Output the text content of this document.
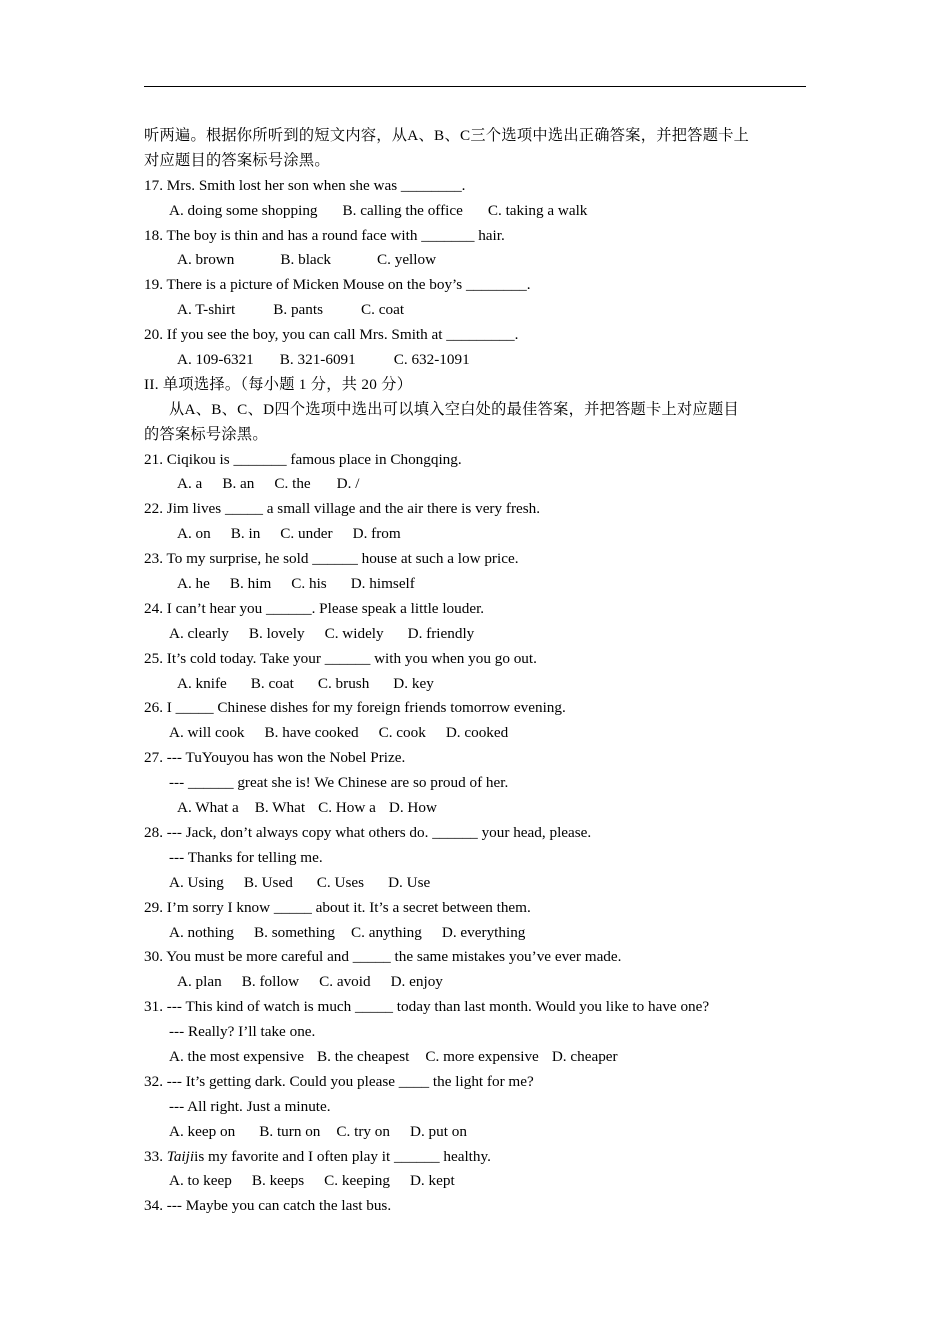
听两遍。根据你所听到的短文内容，从A、B、C三个选项中选出正确答案，并把答题卡上
对应题目的答案标号涂黑。
17. Mrs. Smith lost her son when she was ________.
A. doing some shopping B. calling the office C. taking a walk
18. The boy is thin and has a round face with _______ hair.
A. brown	B. black	C. yellow
19. There is a picture of Micken Mouse on the boy’s ________.
A. T-shirt	B. pants	C. coat
20. If you see the boy, you can call Mrs. Smith at _________.
A. 109-6321 B. 321-6091	C. 632-1091
II. 单项选择。（每小题 1 分，共 20 分）
从A、B、C、D四个选项中选出可以填入空白处的最佳答案，并把答题卡上对应题目
的答案标号涂黑。
21. Ciqikou is _______ famous place in Chongqing.
A. a B. an C. the D. /
22. Jim lives _____ a small village and the air there is very fresh.
A. on B. in C. under D. from
23. To my surprise, he sold ______ house at such a low price.
A. he B. him C. his D. himself
24. I can’t hear you ______. Please speak a little louder.
A. clearly B. lovely C. widely D. friendly
25. It’s cold today. Take your ______ with you when you go out.
A. knife B. coat C. brush D. key
26. I _____ Chinese dishes for my foreign friends tomorrow evening.
A. will cook B. have cooked C. cook D. cooked
27. --- TuYouyou has won the Nobel Prize.
--- ______ great she is! We Chinese are so proud of her.
A. What a B. What C. How a D. How
28. --- Jack, don’t always copy what others do. ______ your head, please.
--- Thanks for telling me.
A. Using B. Used C. Uses D. Use
29. I’m sorry I know _____ about it. It’s a secret between them.
A. nothing B. something C. anything D. everything
30. You must be more careful and _____ the same mistakes you’ve ever made.
A. plan B. follow C. avoid D. enjoy
31. --- This kind of watch is much _____ today than last month. Would you like to have one?
--- Really? I’ll take one.
A. the most expensive B. the cheapest C. more expensive D. cheaper
32. --- It’s getting dark. Could you please ____ the light for me?
--- All right. Just a minute.
A. keep on B. turn on C. try on D. put on
33. Taijiis my favorite and I often play it ______ healthy.
A. to keep B. keeps C. keeping D. kept
34. --- Maybe you can catch the last bus.
